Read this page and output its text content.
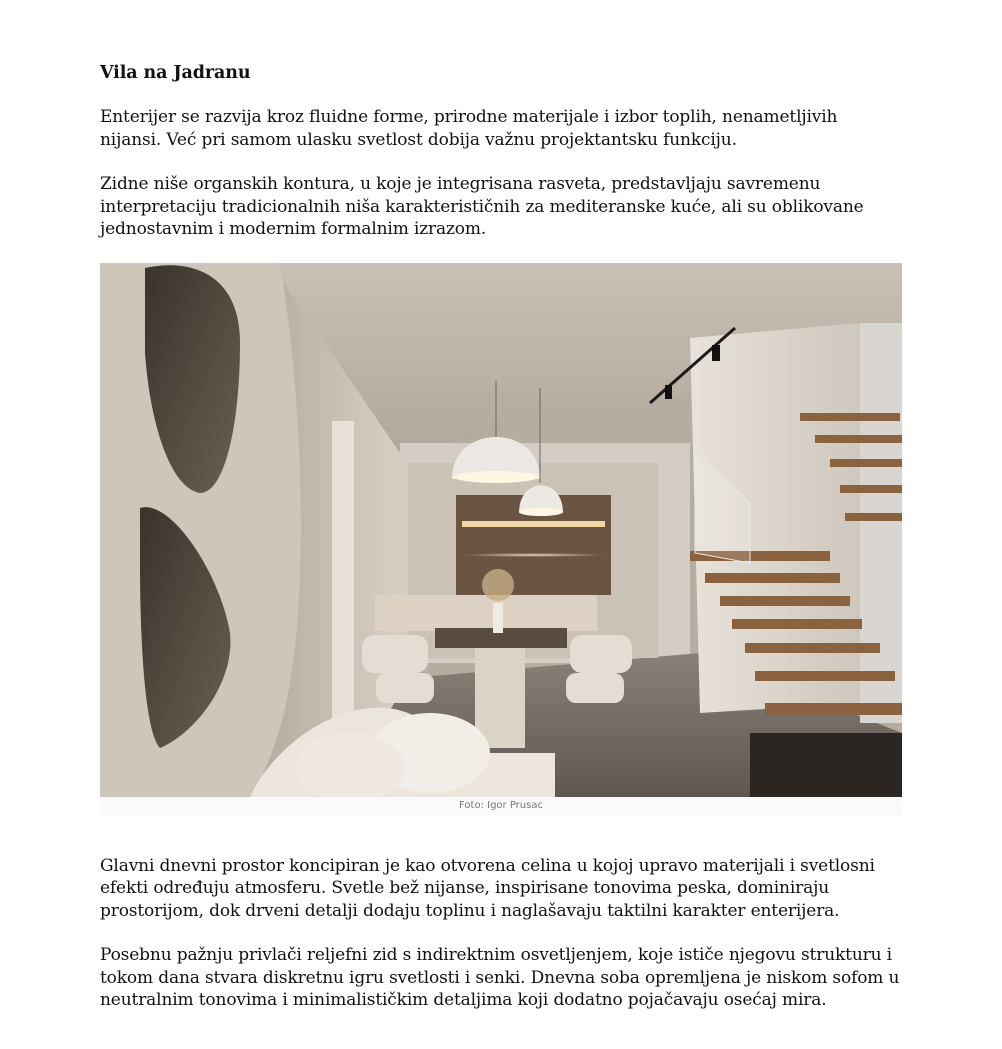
Vila na Jadranu

Enterijer se razvija kroz fluidne forme, prirodne materijale i izbor toplih, nenametljivih nijansi. Već pri samom ulasku svetlost dobija važnu projektantsku funkciju.

Zidne niše organskih kontura, u koje je integrisana rasveta, predstavljaju savremenu interpretaciju tradicionalnih niša karakterističnih za mediteranske kuće, ali su oblikovane jednostavnim i modernim formalnim izrazom.

Foto: Igor Prusac

Glavni dnevni prostor koncipiran je kao otvorena celina u kojoj upravo materijali i svetlosni efekti određuju atmosferu. Svetle bež nijanse, inspirisane tonovima peska, dominiraju prostorijom, dok drveni detalji dodaju toplinu i naglašavaju taktilni karakter enterijera.

Posebnu pažnju privlači reljefni zid s indirektnim osvetljenjem, koje ističe njegovu strukturu i tokom dana stvara diskretnu igru svetlosti i senki. Dnevna soba opremljena je niskom sofom u neutralnim tonovima i minimalističkim detaljima koji dodatno pojačavaju osećaj mira.
